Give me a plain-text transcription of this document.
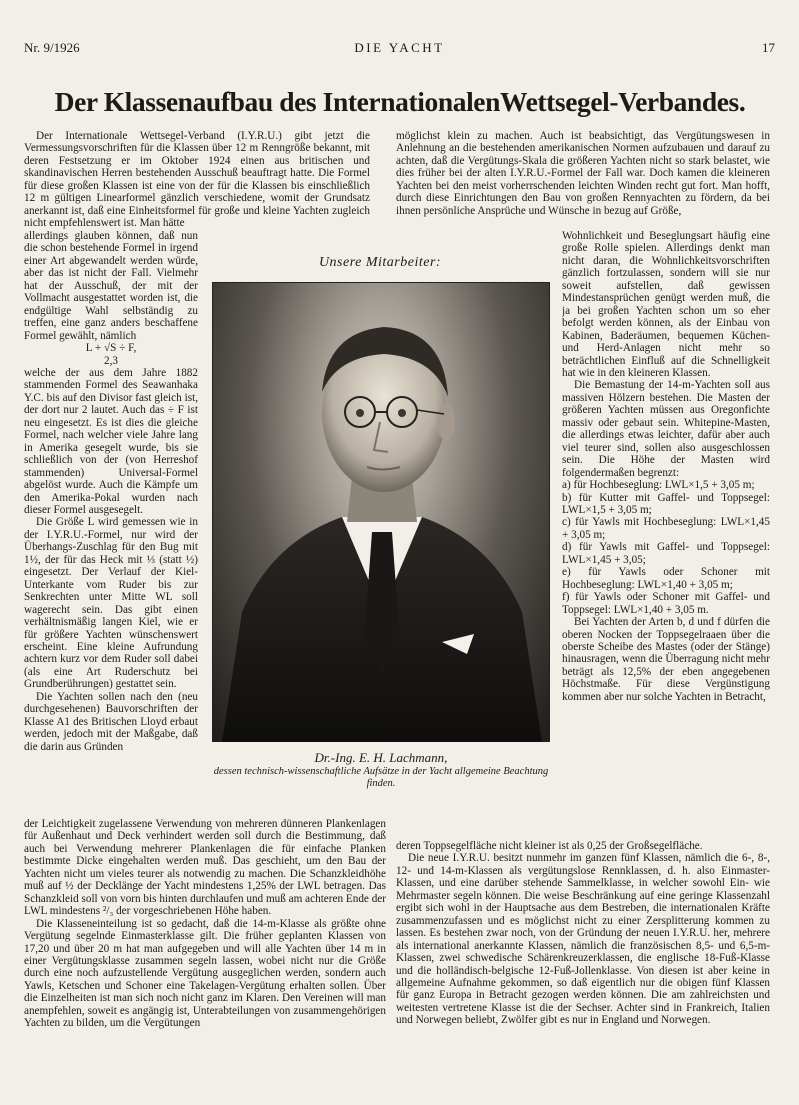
Nr. 9/1926	DIE YACHT	17
Der Klassenaufbau des InternationalenWettsegel-Verbandes.

Der Internationale Wettsegel-Verband (I.Y.R.U.) gibt jetzt die Vermessungsvorschriften für die Klassen über 12 m Renngröße bekannt, mit deren Festsetzung er im Oktober 1924 einen aus britischen und skandinavischen Herren bestehenden Ausschuß beauftragt hatte. Die Formel für diese großen Klassen ist eine von der für die Klassen bis einschließlich 12 m gültigen Linearformel gänzlich verschiedene, womit der Grundsatz anerkannt ist, daß eine Einheitsformel für große und kleine Yachten zugleich nicht empfehlenswert ist. Man hätte

allerdings glauben können, daß nun die schon bestehende Formel in irgend einer Art abgewandelt werden würde, aber das ist nicht der Fall. Vielmehr hat der Ausschuß, der mit der Vollmacht ausgestattet worden ist, die endgültige Wahl selbständig zu treffen, eine ganz anders beschaffene Formel gewählt, nämlich

L + √S ÷ F,

2,3

welche der aus dem Jahre 1882 stammenden Formel des Seawanhaka Y.C. bis auf den Divisor fast gleich ist, der dort nur 2 lautet. Auch das ÷ F ist neu eingesetzt. Es ist dies die gleiche Formel, nach welcher viele Jahre lang in Amerika gesegelt wurde, bis sie schließlich von der (von Herreshof stammenden) Universal-Formel abgelöst wurde. Auch die Kämpfe um den Amerika-Pokal wurden nach dieser Formel ausgesegelt.

Die Größe L wird gemessen wie in der I.Y.R.U.-Formel, nur wird der Überhangs-Zuschlag für den Bug mit 1½, der für das Heck mit ⅓ (statt ½) eingesetzt. Der Verlauf der Kiel-Unterkante vom Ruder bis zur Senkrechten unter Mitte WL soll wagerecht sein. Das gibt einen verhältnismäßig langen Kiel, wie er für größere Yachten wünschenswert erscheint. Eine kleine Aufrundung achtern kurz vor dem Ruder soll dabei (als eine Art Ruderschutz bei Grundberührungen) gestattet sein.

Die Yachten sollen nach den (neu durchgesehenen) Bauvorschriften der Klasse A1 des Britischen Lloyd erbaut werden, jedoch mit der Maßgabe, daß die darin aus Gründen

möglichst klein zu machen. Auch ist beabsichtigt, das Vergütungswesen in Anlehnung an die bestehenden amerikanischen Normen aufzubauen und darauf zu achten, daß die Vergütungs-Skala die größeren Yachten nicht so stark belastet, wie dies früher bei der alten I.Y.R.U.-Formel der Fall war. Doch kamen die kleineren Yachten bei den meist vorherrschenden leichten Winden recht gut fort. Man hofft, durch diese Einrichtungen den Bau von großen Rennyachten zu fördern, da bei ihnen persönliche Ansprüche und Wünsche in bezug auf Größe,

Wohnlichkeit und Beseglungsart häufig eine große Rolle spielen. Allerdings denkt man nicht daran, die Wohnlichkeitsvorschriften gänzlich fortzulassen, sondern will sie nur soweit aufstellen, daß gewissen Mindestansprüchen genügt werden muß, die ja bei großen Yachten schon um so eher befolgt werden können, als der Einbau von Kabinen, Baderäumen, bequemen Küchen- und Herd-Anlagen nicht mehr so beträchtlichen Einfluß auf die Schnelligkeit hat wie in den kleineren Klassen.

Die Bemastung der 14-m-Yachten soll aus massiven Hölzern bestehen. Die Masten der größeren Yachten müssen aus Oregonfichte massiv oder gebaut sein. Whitepine-Masten, die allerdings etwas leichter, dafür aber auch viel teurer sind, sollen also ausgeschlossen sein. Die Höhe der Masten wird folgendermaßen begrenzt:

a) für Hochbeseglung: LWL×1,5 + 3,05 m;

b) für Kutter mit Gaffel- und Toppsegel: LWL×1,5 + 3,05 m;

c) für Yawls mit Hochbeseglung: LWL×1,45 + 3,05 m;

d) für Yawls mit Gaffel- und Toppsegel: LWL×1,45 + 3,05;

e) für Yawls oder Schoner mit Hochbeseglung: LWL×1,40 + 3,05 m;

f) für Yawls oder Schoner mit Gaffel- und Toppsegel: LWL×1,40 + 3,05 m.

Bei Yachten der Arten b, d und f dürfen die oberen Nocken der Toppsegelraaen über die oberste Scheibe des Mastes (oder der Stänge) hinausragen, wenn die Überragung nicht mehr beträgt als 12,5% der eben angegebenen Höchstmaße. Für diese Vergünstigung kommen aber nur solche Yachten in Betracht,

Unsere Mitarbeiter:
Dr.-Ing. E. H. Lachmann,
dessen technisch-wissenschaftliche Aufsätze in der Yacht allgemeine Beachtung finden.

der Leichtigkeit zugelassene Verwendung von mehreren dünneren Plankenlagen für Außenhaut und Deck verhindert werden soll durch die Bestimmung, daß auch bei Verwendung mehrerer Plankenlagen die für einfache Planken bestimmte Dicke eingehalten werden muß. Das geschieht, um den Bau der Yachten nicht um vieles teurer als notwendig zu machen. Die Schanzkleidhöhe muß auf ½ der Decklänge der Yacht mindestens 1,25% der LWL betragen. Das Schanzkleid soll von vorn bis hinten durchlaufen und muß am achteren Ende der LWL mindestens ²/₃ der vorgeschriebenen Höhe haben.

Die Klasseneinteilung ist so gedacht, daß die 14-m-Klasse als größte ohne Vergütung segelnde Einmasterklasse gilt. Die früher geplanten Klassen von 17,20 und über 20 m hat man aufgegeben und will alle Yachten über 14 m in einer Vergütungsklasse zusammen segeln lassen, wobei nicht nur die Größe durch eine noch aufzustellende Vergütung ausgeglichen werden, sondern auch Yawls, Ketschen und Schoner eine Takelagen-Vergütung erhalten sollen. Über die Einzelheiten ist man sich noch nicht ganz im Klaren. Den Vereinen will man anempfehlen, soweit es angängig ist, Unterabteilungen von zusammengehörigen Yachten zu bilden, um die Vergütungen

deren Toppsegelfläche nicht kleiner ist als 0,25 der Großsegelfläche.

Die neue I.Y.R.U. besitzt nunmehr im ganzen fünf Klassen, nämlich die 6-, 8-, 12- und 14-m-Klassen als vergütungslose Rennklassen, d. h. also Einmaster-Klassen, und eine darüber stehende Sammelklasse, in welcher sowohl Ein- wie Mehrmaster segeln können. Die weise Beschränkung auf eine geringe Klassenzahl ergibt sich wohl in der Hauptsache aus dem Bestreben, die internationalen Kräfte zusammenzufassen und es möglichst nicht zu einer Zersplitterung kommen zu lassen. Es bestehen zwar noch, von der Gründung der neuen I.Y.R.U. her, mehrere als international anerkannte Klassen, nämlich die französischen 8,5- und 6,5-m-Klassen, zwei schwedische Schärenkreuzerklassen, die englische 18-Fuß-Klasse und die holländisch-belgische 12-Fuß-Jollenklasse. Von diesen ist aber keine in allgemeine Aufnahme gekommen, so daß eigentlich nur die obigen fünf Klassen für ganz Europa in Betracht gezogen werden können. Die am zahlreichsten und weitesten vertretene Klasse ist die der Sechser. Achter sind in Frankreich, Italien und Norwegen beliebt, Zwölfer gibt es nur in England und Norwegen.
